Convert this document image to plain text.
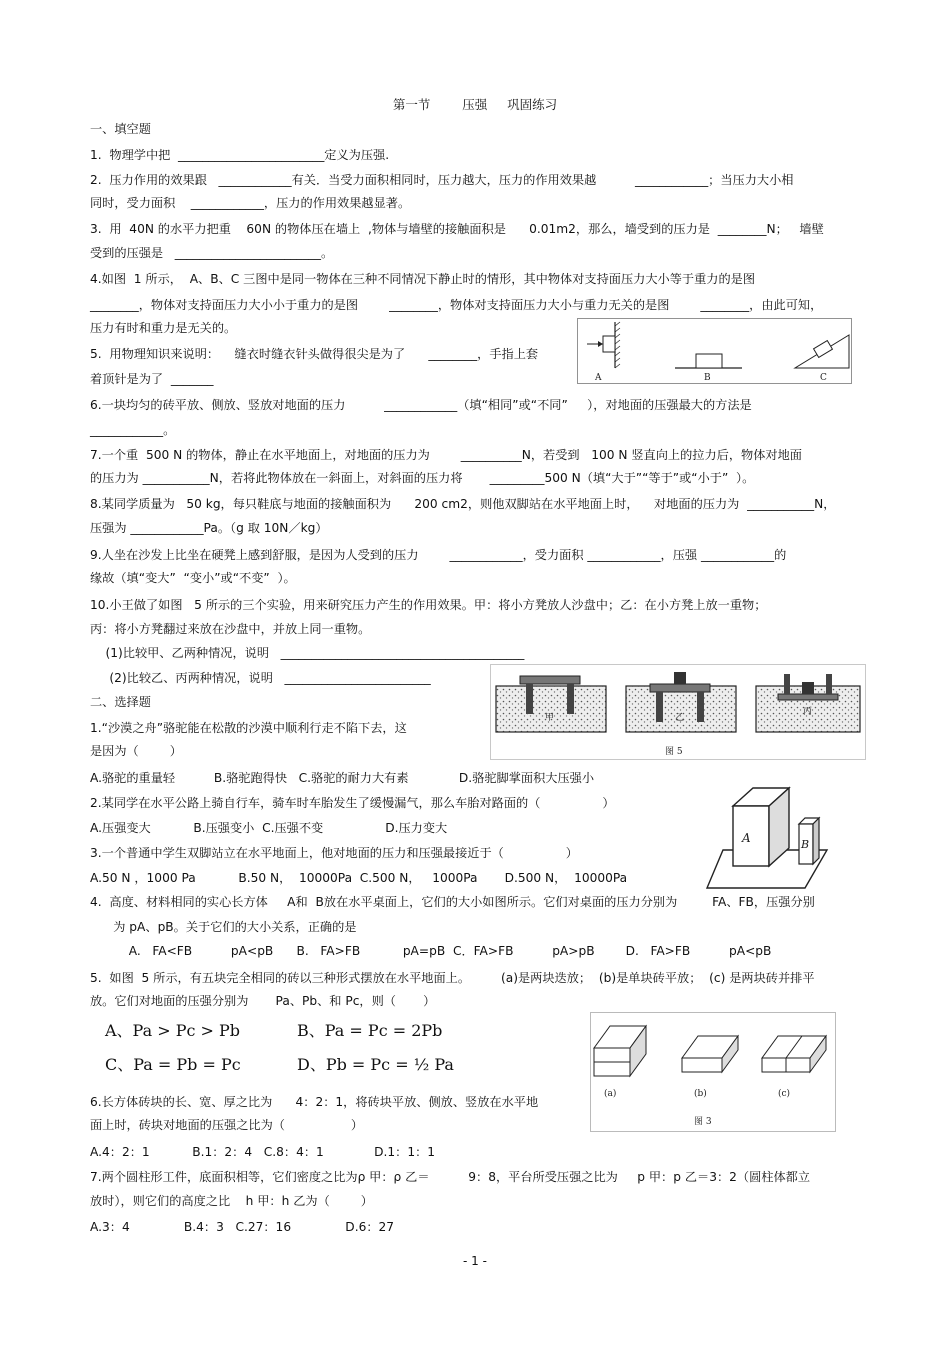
第一节        压强     巩固练习
一、填空题
1.  物理学中把  ________________________定义为压强.
2.  压力作用的效果跟   ____________有关．当受力面积相同时，压力越大，压力的作用效果越          ____________；当压力大小相
同时，受力面积    ____________，压力的作用效果越显著。
3.  用  40N 的水平力把重    60N 的物体压在墙上  ,物体与墙壁的接触面积是      0.01m2，那么，墙受到的压力是  ________N；   墙壁
受到的压强是   ________________________。
4.如图  1 所示，  A、B、C 三图中是同一物体在三种不同情况下静止时的情形，其中物体对支持面压力大小等于重力的是图
________，物体对支持面压力大小小于重力的是图        ________，物体对支持面压力大小与重力无关的是图        ________，由此可知，
压力有时和重力是无关的。
5.  用物理知识来说明：    缝衣时缝衣针头做得很尖是为了      ________，手指上套
着顶针是为了  _______
6.一块均匀的砖平放、侧放、竖放对地面的压力          ____________（填“相同”或“不同”     ），对地面的压强最大的方法是
____________。
7.一个重  500 N 的物体，静止在水平地面上，对地面的压力为        __________N，若受到   100 N 竖直向上的拉力后，物体对地面
的压力为 ___________N，若将此物体放在一斜面上，对斜面的压力将       _________500 N（填“大于”“等于”或“小于”  ）。
8.某同学质量为   50 kg，每只鞋底与地面的接触面积为      200 cm2，则他双脚站在水平地面上时，    对地面的压力为  ___________N，
压强为 ____________Pa。（g 取 10N／kg）
9.人坐在沙发上比坐在硬凳上感到舒服，是因为人受到的压力        ____________，受力面积 ____________，压强 ____________的
缘故（填“变大”  “变小”或“不变”  ）。
10.小王做了如图   5 所示的三个实验，用来研究压力产生的作用效果。甲：将小方凳放人沙盘中；乙：在小方凳上放一重物；
丙：将小方凳翻过来放在沙盘中，并放上同一重物。
(1)比较甲、乙两种情况，说明   ________________________________________
(2)比较乙、丙两种情况，说明   ________________________
二、选择题
1.“沙漠之舟”骆驼能在松散的沙漠中顺利行走不陷下去，这
是因为（        ）
A.骆驼的重量轻          B.骆驼跑得快   C.骆驼的耐力大有素             D.骆驼脚掌面积大压强小
2.某同学在水平公路上骑自行车，骑车时车胎发生了缓慢漏气，那么车胎对路面的（                ）
A.压强变大           B.压强变小  C.压强不变                D.压力变大
3.一个普通中学生双脚站立在水平地面上，他对地面的压力和压强最接近于（                ）
A.50 N ，1000 Pa           B.50 N，  10000Pa  C.500 N，   1000Pa       D.500 N，  10000Pa
4.  高度、材料相同的实心长方体     A和  B放在水平桌面上，它们的大小如图所示。它们对桌面的压力分别为         FA、FB，压强分别
为 pA、pB。关于它们的大小关系，正确的是
A.   FA<FB          pA<pB      B.   FA>FB           pA=pB  C．FA>FB          pA>pB        D.   FA>FB          pA<pB
5.  如图  5 所示，有五块完全相同的砖以三种形式摆放在水平地面上。        (a)是两块迭放；  (b)是单块砖平放；  (c) 是两块砖并排平
放。它们对地面的压强分别为       Pa、Pb、和 Pc，则（       ）
A、Pa > Pc > Pb	B、Pa = Pc = 2Pb
C、Pa = Pb = Pc	D、Pb = Pc = ½ Pa
6.长方体砖块的长、宽、厚之比为      4：2：1，将砖块平放、侧放、竖放在水平地
面上时，砖块对地面的压强之比为（                 ）
A.4：2：1           B.1：2：4   C.8：4：1             D.1：1：1
7.两个圆柱形工件，底面积相等，它们密度之比为ρ 甲：ρ 乙＝          9：8，平台所受压强之比为     p 甲：p 乙＝3：2（圆柱体都立
放时），则它们的高度之比    h 甲：h 乙为（        ）
A.3：4              B.4：3   C.27：16              D.6：27
- 1 -
A	B	C
甲	乙
丙
图 5
A	B
(a)	(b)	(c)
图 3
